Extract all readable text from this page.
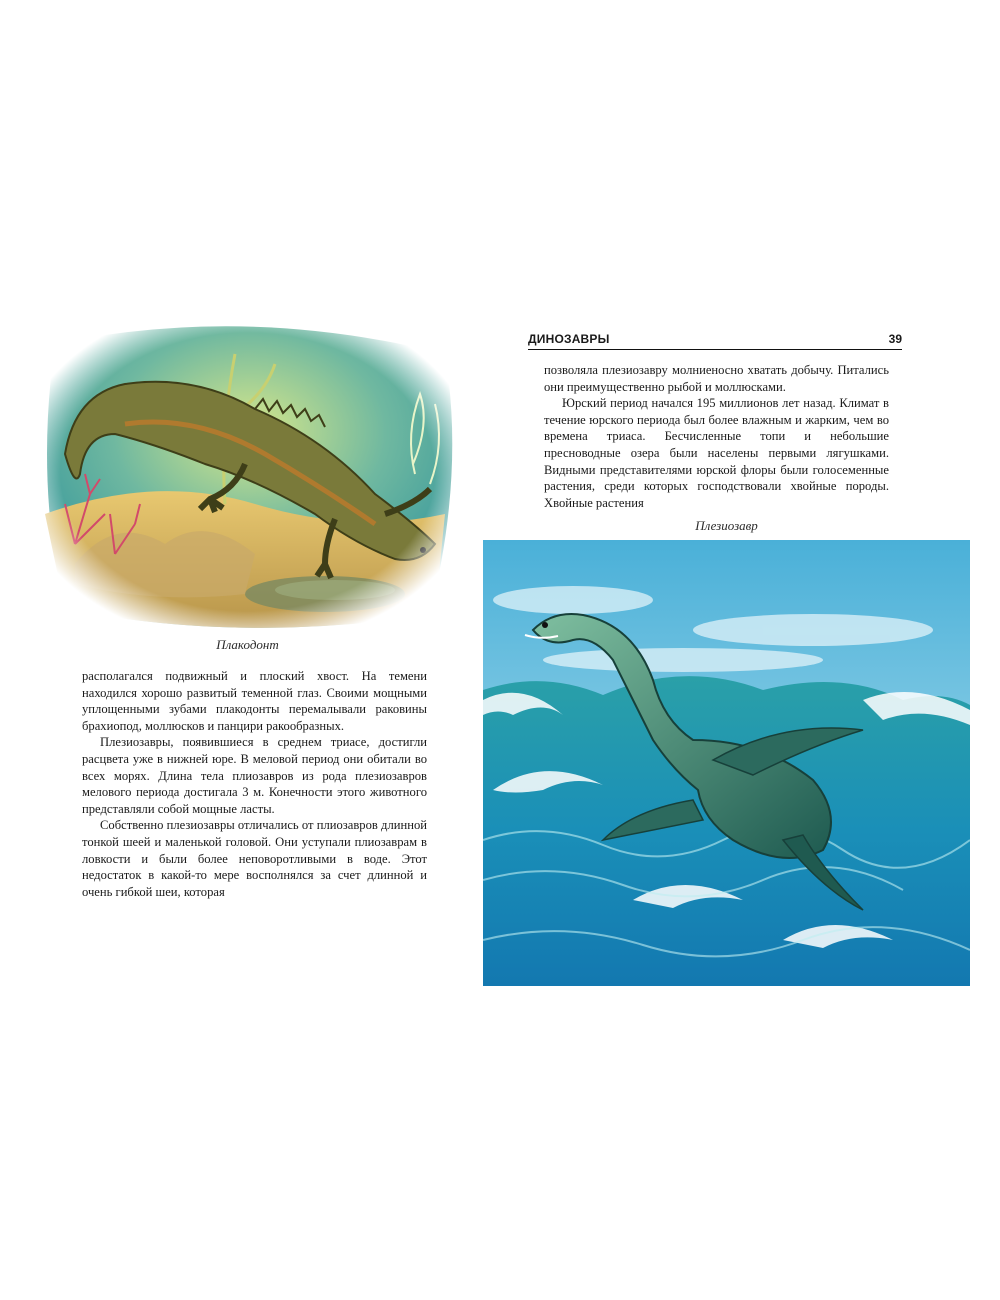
Плакодонт

располагался подвижный и плоский хвост. На темени находился хорошо развитый теменной глаз. Своими мощными уплощенными зубами плакодонты перемалывали раковины брахиопод, моллюсков и панцири ракообразных.

Плезиозавры, появившиеся в среднем триасе, достигли расцвета уже в нижней юре. В меловой период они обитали во всех морях. Длина тела плиозавров из рода плезиозавров мелового периода достигала 3 м. Конечности этого животного представляли собой мощные ласты.

Собственно плезиозавры отличались от плиозавров длинной тонкой шеей и маленькой головой. Они уступали плиозаврам в ловкости и были более неповоротливыми в воде. Этот недостаток в какой-то мере восполнялся за счет длинной и очень гибкой шеи, которая

ДИНОЗАВРЫ	39

позволяла плезиозавру молниеносно хватать добычу. Питались они преимущественно рыбой и моллюсками.

Юрский период начался 195 миллионов лет назад. Климат в течение юрского периода был более влажным и жарким, чем во времена триаса. Бесчисленные топи и небольшие пресноводные озера были населены первыми лягушками. Видными представителями юрской флоры были голосеменные растения, среди которых господствовали хвойные породы. Хвойные растения

Плезиозавр
